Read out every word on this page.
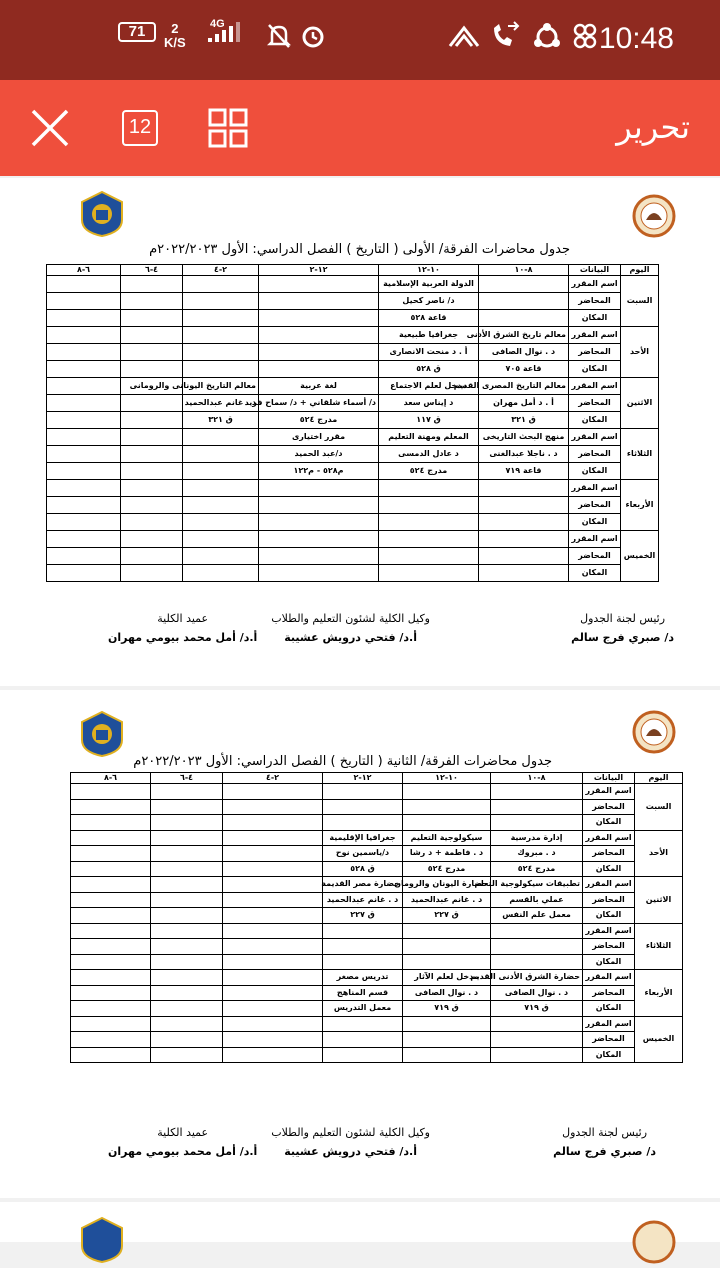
71	2
K/S
4G	10:48
12	تحرير
جدول محاضرات الفرقة/ الأولى ( التاريخ ) الفصل الدراسي: الأول ٢٠٢٢/٢٠٢٣م
اليوم	البيانات	٨-١٠	١٠-١٢	١٢-٢	٢-٤	٤-٦	٦-٨
السبت	اسم المقرر		الدولة العربية الإسلامية				
	المحاضر		د/ ناصر كحيل				
	المكان		قاعة ٥٢٨				
الأحد	اسم المقرر	معالم تاريخ الشرق الأدنى	جغرافيا طبيعية				
	المحاضر	د . نوال الصافى	أ . د منحت الانصارى				
	المكان	قاعة ٧٠٥	ق ٥٢٨				
الاثنين	اسم المقرر	معالم التاريخ المصرى القديم	مدخل لعلم الاجتماع	لغة عربية	معالم التاريخ اليونانى والرومانى		
	المحاضر	أ . د أمل مهران	د إيناس سعد	د/ أسماء شلقاني + د/ سماح فريد	د . غانم عبدالحميد		
	المكان	ق ٣٢١	ق ١١٧	مدرج ٥٢٤	ق ٣٢١		
الثلاثاء	اسم المقرر	منهج البحث التاريخى	المعلم ومهنة التعليم	مقرر اختيارى			
	المحاضر	د . ناجلا عبدالغنى	د عادل الدمسى	د/عبد الحميد			
	المكان	قاعة ٧١٩	مدرج ٥٢٤	م٥٢٨ - م١٢٢			
الأربعاء	اسم المقرر						
	المحاضر						
	المكان						
الخميس	اسم المقرر						
	المحاضر						
	المكان						
رئيس لجنة الجدول
د/ صبري فرج سالم
وكيل الكلية لشئون التعليم والطلاب
أ.د/ فتحي درويش عشيبة
عميد الكلية
أ.د/ أمل محمد بيومي مهران
جدول محاضرات الفرقة/ الثانية ( التاريخ ) الفصل الدراسي: الأول ٢٠٢٢/٢٠٢٣م
اليوم	البيانات	٨-١٠	١٠-١٢	١٢-٢	٢-٤	٤-٦	٦-٨
السبت	اسم المقرر						
	المحاضر						
	المكان						
الأحد	اسم المقرر	إدارة مدرسية	سيكولوجية التعليم	جغرافيا الإقليمية			
	المحاضر	د . مبروك	د . فاطمة + د رشا	د/ياسمين نوح			
	المكان	مدرج ٥٢٤	مدرج ٥٢٤	ق ٥٢٨			
الاثنين	اسم المقرر	تطبيقات سيكولوجية التعلم	حضارة اليونان والرومان	حضارة مصر القديمة			
	المحاضر	عملي بالقسم	د . غانم عبدالحميد	د . غانم عبدالحميد			
	المكان	معمل علم النفس	ق ٢٢٧	ق ٢٢٧			
الثلاثاء	اسم المقرر						
	المحاضر						
	المكان						
الأربعاء	اسم المقرر	حضارة الشرق الأدنى القديم	مدخل لعلم الآثار	تدريس مصغر			
	المحاضر	د . نوال الصافى	د . نوال الصافى	قسم المناهج			
	المكان	ق ٧١٩	ق ٧١٩	معمل التدريس			
الخميس	اسم المقرر						
	المحاضر						
	المكان						
رئيس لجنة الجدول
د/ صبري فرج سالم
وكيل الكلية لشئون التعليم والطلاب
أ.د/ فتحي درويش عشيبة
عميد الكلية
أ.د/ أمل محمد بيومي مهران
